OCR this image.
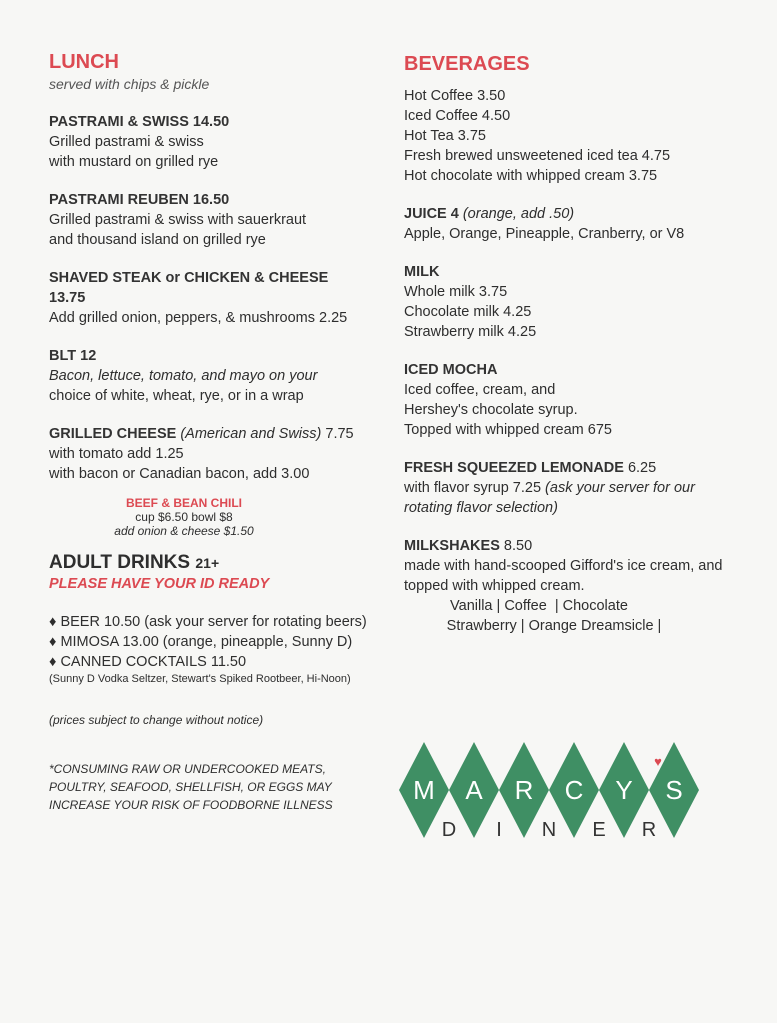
LUNCH
served with chips & pickle
PASTRAMI & SWISS 14.50
Grilled pastrami & swiss
with mustard on grilled rye
PASTRAMI REUBEN 16.50
Grilled pastrami & swiss with sauerkraut
and thousand island on grilled rye
SHAVED STEAK or CHICKEN & CHEESE
13.75
Add grilled onion, peppers, & mushrooms 2.25
BLT 12
Bacon, lettuce, tomato, and mayo on your
choice of white, wheat, rye, or in a wrap
GRILLED CHEESE (American and Swiss) 7.75
with tomato add 1.25
with bacon or Canadian bacon, add 3.00
BEEF & BEAN CHILI
cup $6.50 bowl $8
add onion & cheese $1.50
ADULT DRINKS 21+
PLEASE HAVE YOUR ID READY
♦ BEER 10.50 (ask your server for rotating beers)
♦ MIMOSA 13.00 (orange, pineapple, Sunny D)
♦ CANNED COCKTAILS 11.50
(Sunny D Vodka Seltzer, Stewart's Spiked Rootbeer, Hi-Noon)
(prices subject to change without notice)
*CONSUMING RAW OR UNDERCOOKED MEATS,
POULTRY, SEAFOOD, SHELLFISH, OR EGGS MAY
INCREASE YOUR RISK OF FOODBORNE ILLNESS
BEVERAGES
Hot Coffee 3.50
Iced Coffee 4.50
Hot Tea 3.75
Fresh brewed unsweetened iced tea 4.75
Hot chocolate with whipped cream 3.75
JUICE 4 (orange, add .50)
Apple, Orange, Pineapple, Cranberry, or V8
MILK
Whole milk 3.75
Chocolate milk 4.25
Strawberry milk 4.25
ICED MOCHA
Iced coffee, cream, and
Hershey's chocolate syrup.
Topped with whipped cream 675
FRESH SQUEEZED LEMONADE 6.25
with flavor syrup 7.25 (ask your server for our
rotating flavor selection)
MILKSHAKES 8.50
made with hand-scooped Gifford's ice cream, and
topped with whipped cream.
Vanilla | Coffee  | Chocolate
Strawberry | Orange Dreamsicle |
M A R C Y S
D I N E R
♥
